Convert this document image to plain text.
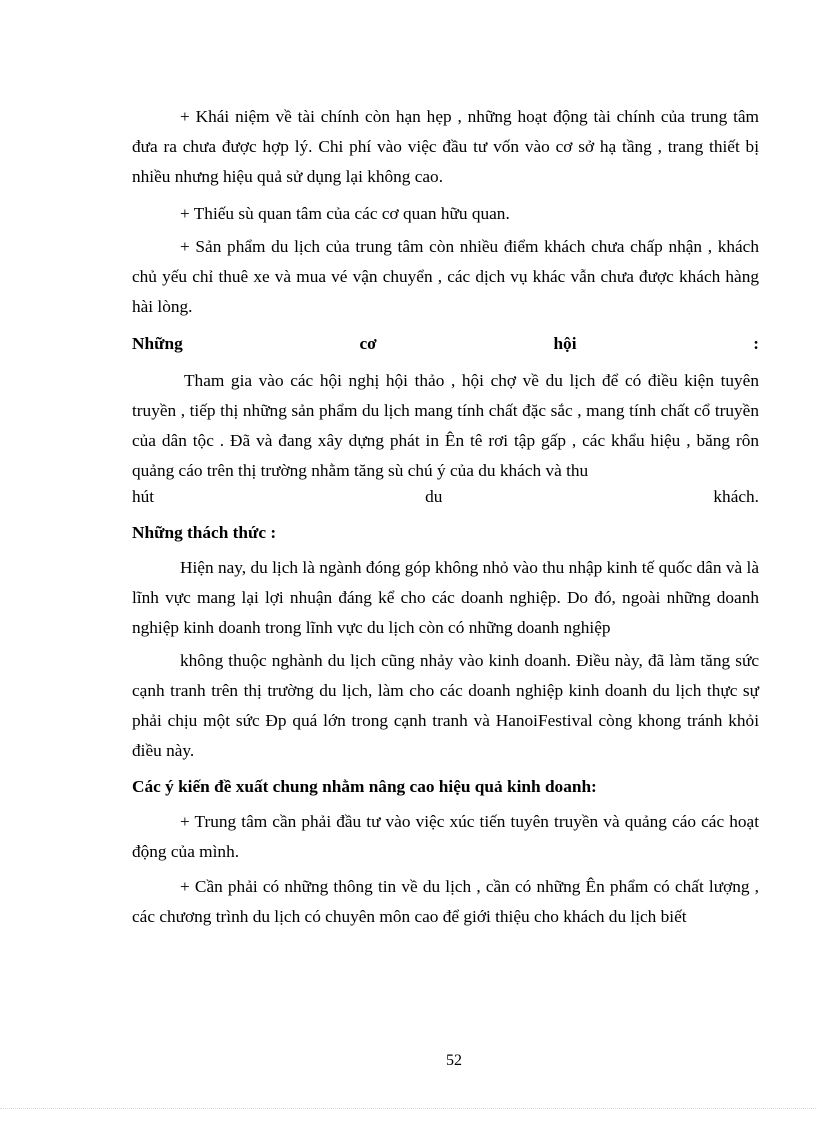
+ Khái niệm về tài chính còn hạn hẹp , những hoạt động tài chính của trung tâm đưa ra chưa được hợp lý. Chi phí vào việc đầu tư vốn vào cơ sở hạ tầng , trang thiết bị nhiều nhưng hiệu quả sử dụng lại không cao.

+ Thiếu sù quan tâm của các cơ quan hữu quan.

+ Sản phẩm du lịch của trung tâm còn nhiều điểm khách chưa chấp nhận , khách chủ yếu chỉ thuê xe và mua vé vận chuyển , các dịch vụ khác vẫn chưa được khách hàng hài lòng.

Những	cơ	hội	:

Tham gia vào các hội nghị hội thảo , hội chợ về du lịch để có điều kiện tuyên truyền , tiếp thị những sản phẩm du lịch mang tính chất đặc sắc , mang tính chất cổ truyền của dân tộc . Đã và đang xây dựng phát in Ên tê rơi tập gấp , các khẩu hiệu , băng rôn quảng cáo trên thị trường nhằm tăng sù chú ý của du khách và thu

hút	du	khách.
Những thách thức :

Hiện nay, du lịch là ngành đóng góp không nhỏ vào thu nhập kinh tế quốc dân và là lĩnh vực mang lại lợi nhuận đáng kể cho các doanh nghiệp. Do đó, ngoài những doanh nghiệp kinh doanh trong lĩnh vực du lịch còn có những doanh nghiệp

không thuộc nghành du lịch cũng nhảy vào kinh doanh. Điều này, đã làm tăng sức cạnh tranh trên thị trường du lịch, làm cho các doanh nghiệp kinh doanh du lịch thực sự phải chịu một sức Ðp quá lớn trong cạnh tranh và HanoiFestival còng khong tránh khỏi điều này.

Các ý kiến đề xuất chung nhằm nâng cao hiệu quả kinh doanh:

+ Trung tâm cần phải đầu tư vào việc xúc tiến tuyên truyền và quảng cáo các hoạt động của mình.

+ Cần phải có những thông tin về du lịch , cần có những Ên phẩm có chất lượng , các chương trình du lịch có chuyên môn cao để giới thiệu cho khách du lịch biết

52
